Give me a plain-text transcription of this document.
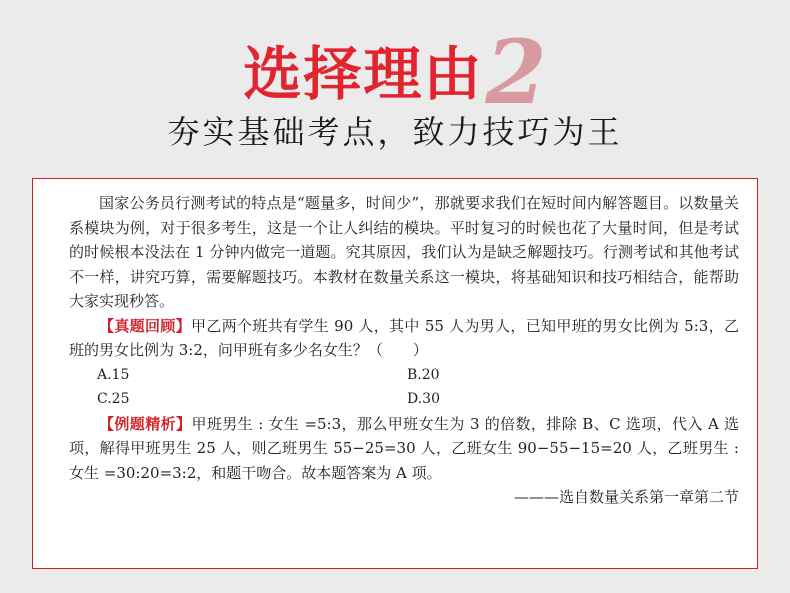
选择理由2
夯实基础考点，致力技巧为王

国家公务员行测考试的特点是“题量多，时间少”，那就要求我们在短时间内解答题目。以数量关系模块为例，对于很多考生，这是一个让人纠结的模块。平时复习的时候也花了大量时间，但是考试的时候根本没法在 1 分钟内做完一道题。究其原因，我们认为是缺乏解题技巧。行测考试和其他考试不一样，讲究巧算，需要解题技巧。本教材在数量关系这一模块，将基础知识和技巧相结合，能帮助大家实现秒答。

【真题回顾】甲乙两个班共有学生 90 人，其中 55 人为男人，已知甲班的男女比例为 5:3，乙班的男女比例为 3:2，问甲班有多少名女生？（　　）

A.15	B.20
C.25	D.30

【例题精析】甲班男生 : 女生 =5:3，那么甲班女生为 3 的倍数，排除 B、C 选项，代入 A 选项，解得甲班男生 25 人，则乙班男生 55−25=30 人，乙班女生 90−55−15=20 人，乙班男生 : 女生 =30:20=3:2，和题干吻合。故本题答案为 A 项。

———选自数量关系第一章第二节
